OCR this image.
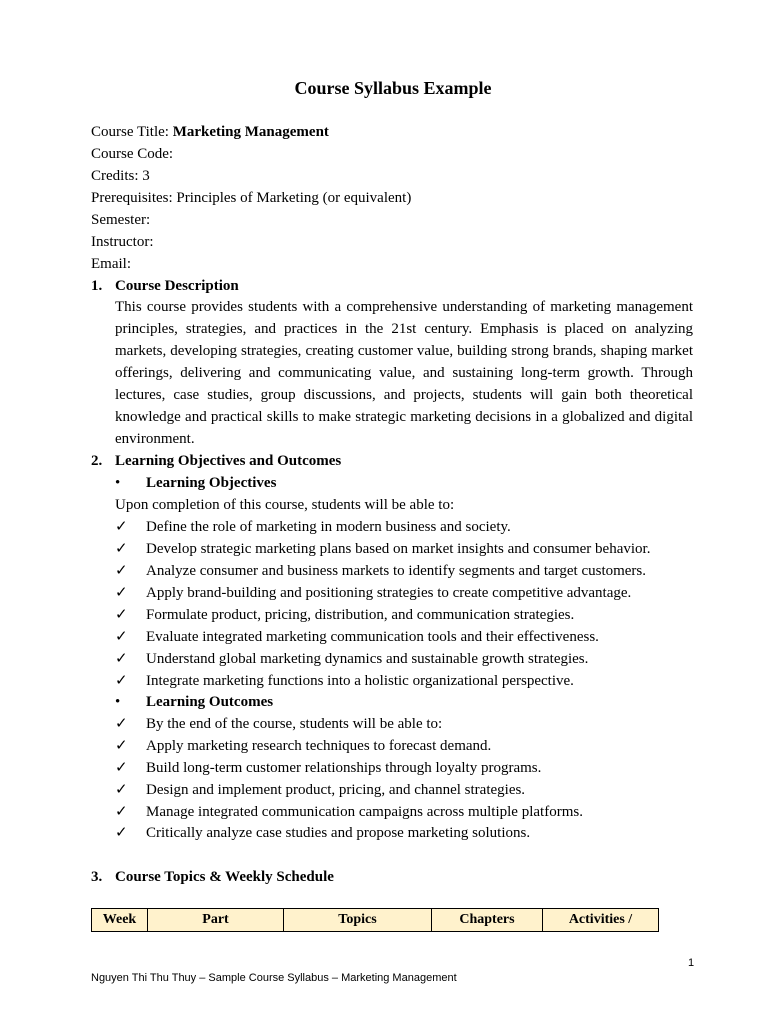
Course Syllabus Example
Course Title: Marketing Management
Course Code:
Credits: 3
Prerequisites: Principles of Marketing (or equivalent)
Semester:
Instructor:
Email:
1. Course Description
This course provides students with a comprehensive understanding of marketing management principles, strategies, and practices in the 21st century. Emphasis is placed on analyzing markets, developing strategies, creating customer value, building strong brands, shaping market offerings, delivering and communicating value, and sustaining long-term growth. Through lectures, case studies, group discussions, and projects, students will gain both theoretical knowledge and practical skills to make strategic marketing decisions in a globalized and digital environment.
2. Learning Objectives and Outcomes
• Learning Objectives
Upon completion of this course, students will be able to:
✓ Define the role of marketing in modern business and society.
✓ Develop strategic marketing plans based on market insights and consumer behavior.
✓ Analyze consumer and business markets to identify segments and target customers.
✓ Apply brand-building and positioning strategies to create competitive advantage.
✓ Formulate product, pricing, distribution, and communication strategies.
✓ Evaluate integrated marketing communication tools and their effectiveness.
✓ Understand global marketing dynamics and sustainable growth strategies.
✓ Integrate marketing functions into a holistic organizational perspective.
• Learning Outcomes
✓ By the end of the course, students will be able to:
✓ Apply marketing research techniques to forecast demand.
✓ Build long-term customer relationships through loyalty programs.
✓ Design and implement product, pricing, and channel strategies.
✓ Manage integrated communication campaigns across multiple platforms.
✓ Critically analyze case studies and propose marketing solutions.
3. Course Topics & Weekly Schedule
Week	Part	Topics	Chapters	Activities /
1
Nguyen Thi Thu Thuy – Sample Course Syllabus – Marketing Management
